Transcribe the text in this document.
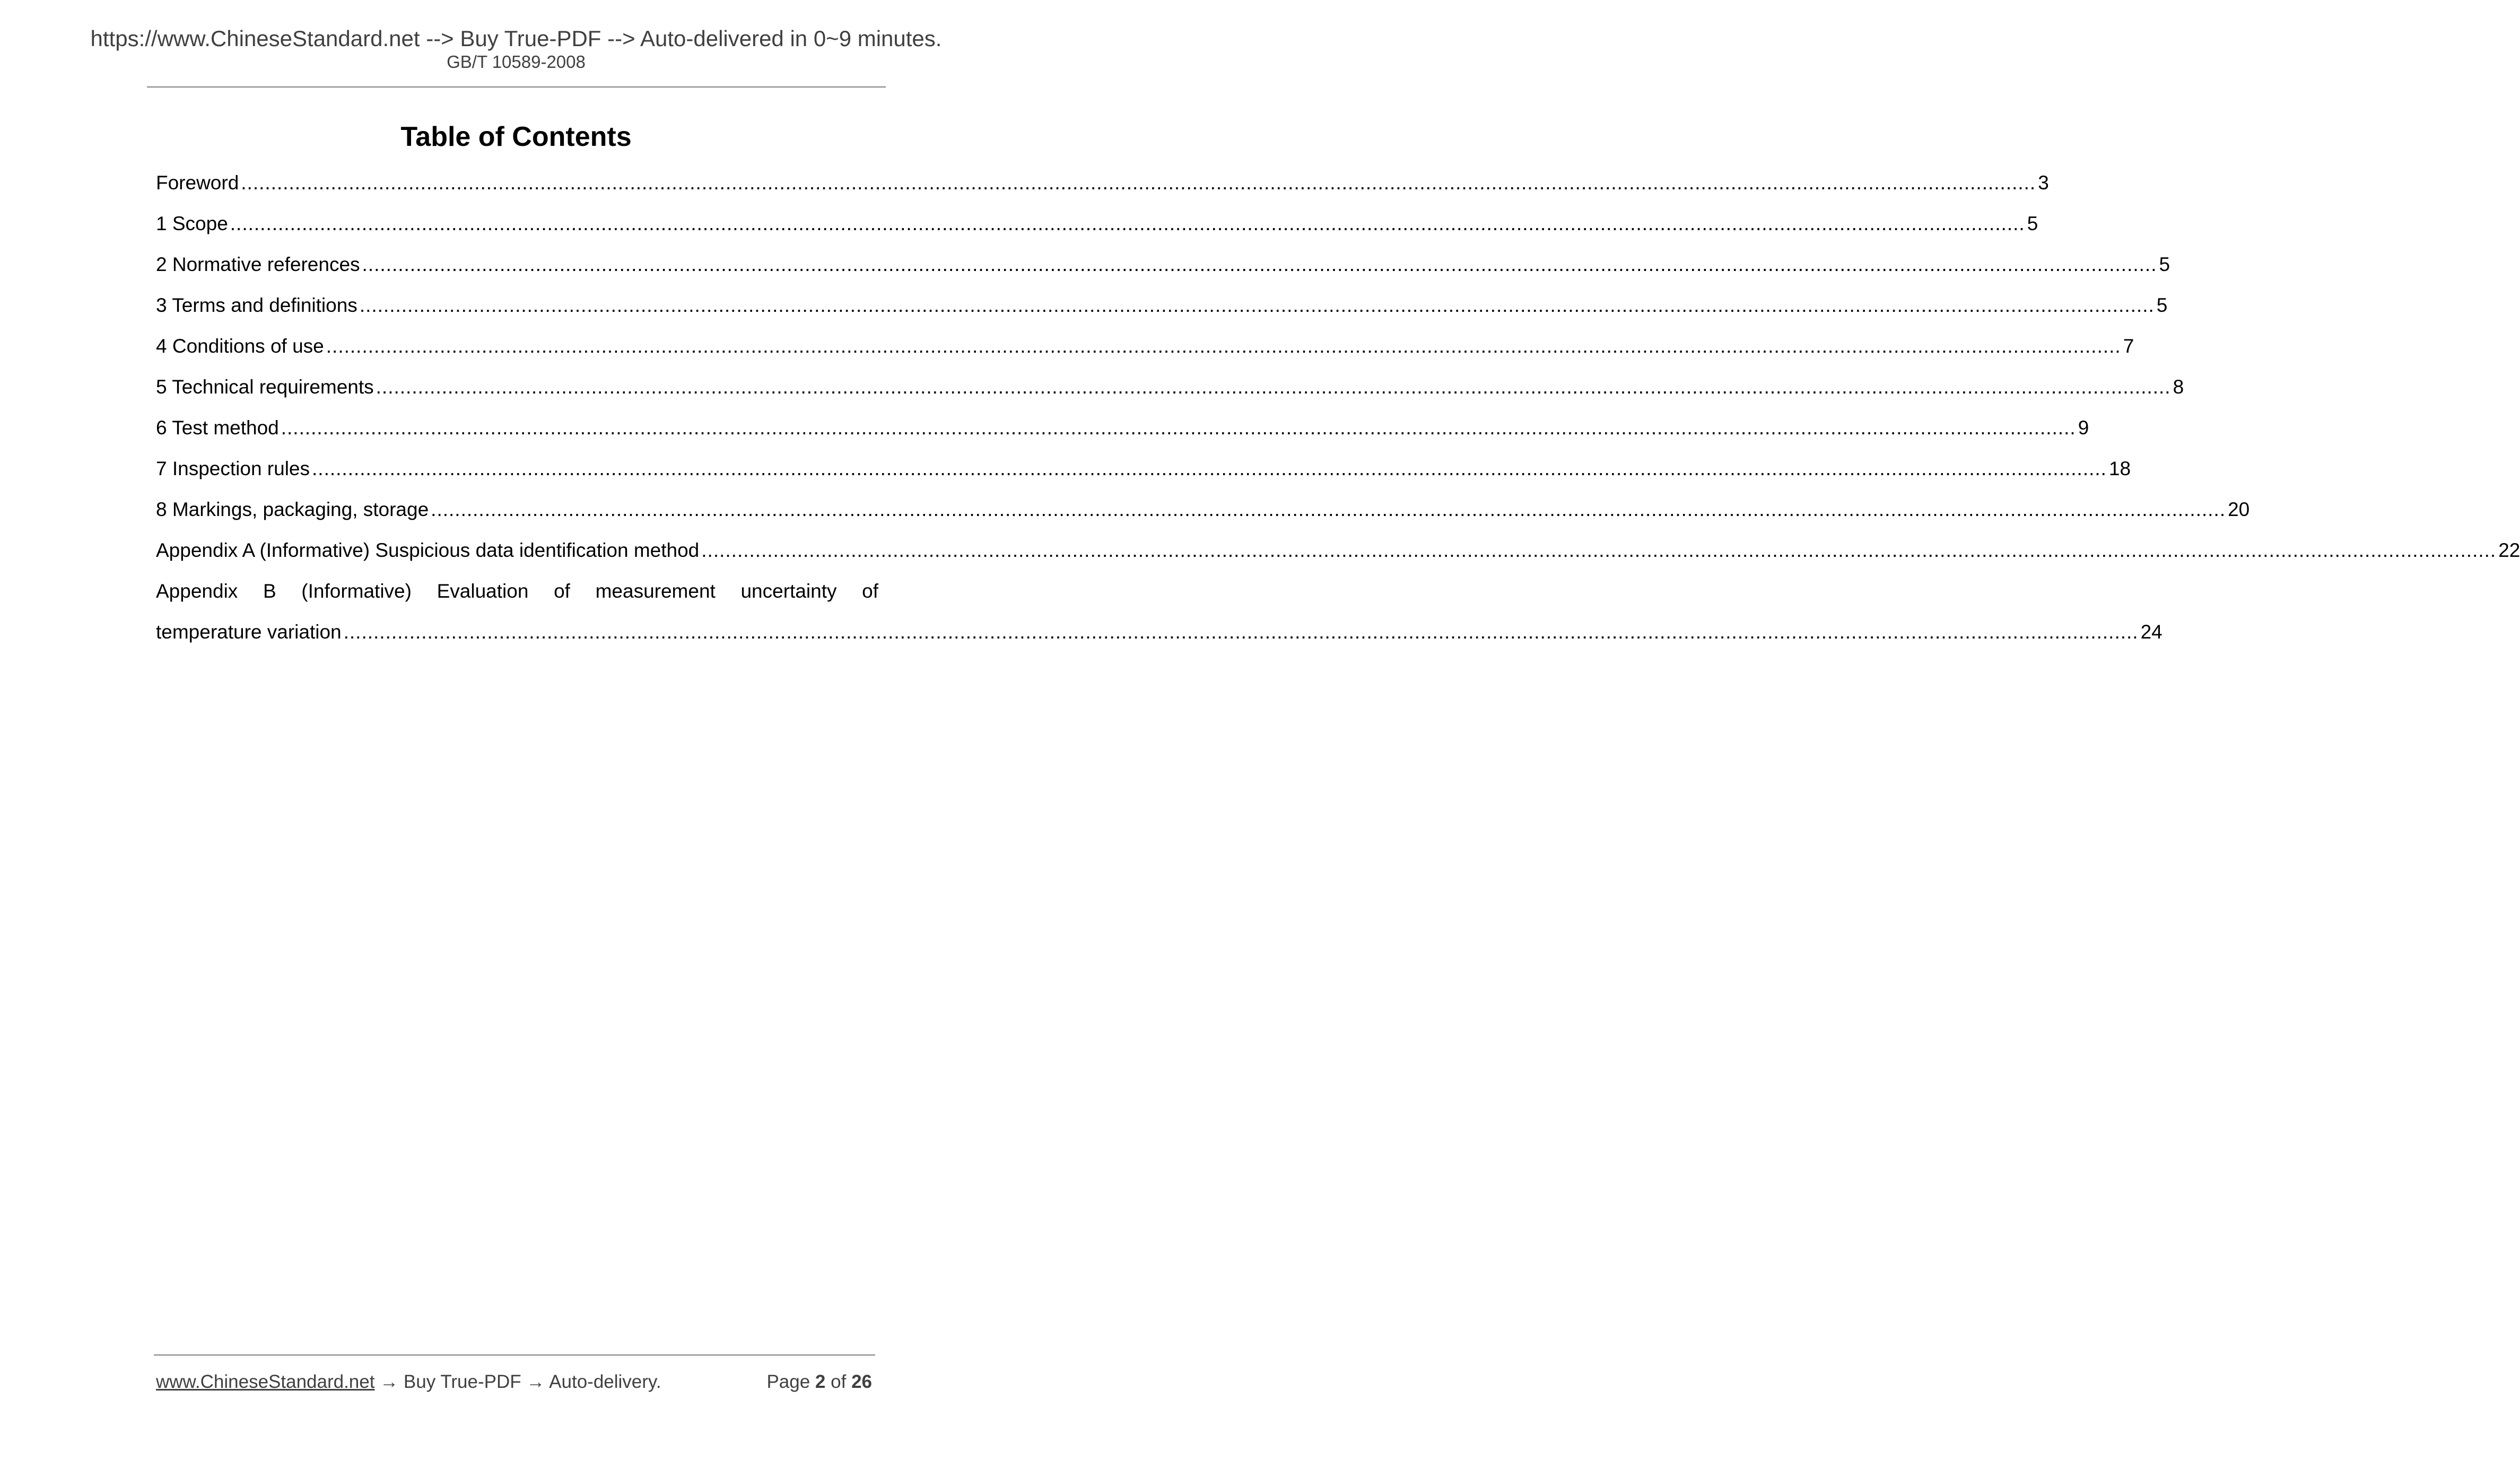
https://www.ChineseStandard.net --> Buy True-PDF --> Auto-delivered in 0~9 minutes.
GB/T 10589-2008
Table of Contents
Foreword ............................................................................................................................................................................................................................................................................................................ 3
1 Scope ............................................................................................................................................................................................................................................................................................................ 5
2 Normative references ............................................................................................................................................................................................................................................................................................................ 5
3 Terms and definitions ............................................................................................................................................................................................................................................................................................................ 5
4 Conditions of use ............................................................................................................................................................................................................................................................................................................ 7
5 Technical requirements ............................................................................................................................................................................................................................................................................................................ 8
6 Test method ............................................................................................................................................................................................................................................................................................................ 9
7 Inspection rules ............................................................................................................................................................................................................................................................................................................ 18
8 Markings, packaging, storage ............................................................................................................................................................................................................................................................................................................ 20
Appendix A (Informative) Suspicious data identification method ............................................................................................................................................................................................................................................................................................................ 22
Appendix B (Informative) Evaluation of measurement uncertainty of
temperature variation ............................................................................................................................................................................................................................................................................................................ 24
www.ChineseStandard.net → Buy True-PDF → Auto-delivery.	Page 2 of 26
